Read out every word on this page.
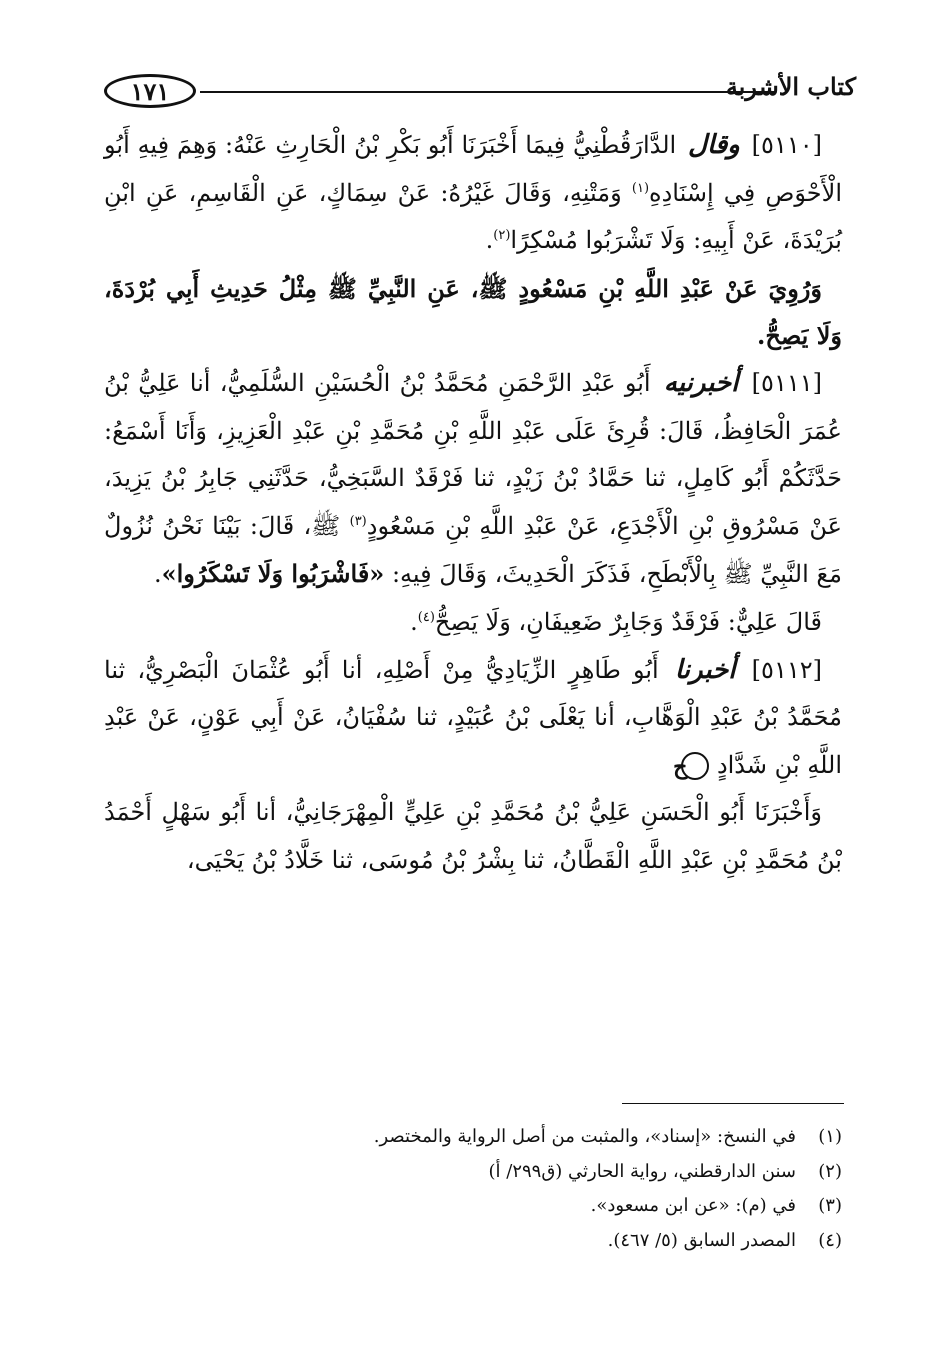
١٧١	كتاب الأشربة

[٥١١٠] وقال الدَّارَقُطْنِيُّ فِيمَا أَخْبَرَنَا أَبُو بَكْرِ بْنُ الْحَارِثِ عَنْهُ: وَهِمَ فِيهِ أَبُو الْأَحْوَصِ فِي إِسْنَادِهِ$^{(١)}$ وَمَتْنِهِ، وَقَالَ غَيْرُهُ: عَنْ سِمَاكٍ، عَنِ الْقَاسِمِ، عَنِ ابْنِ بُرَيْدَةَ، عَنْ أَبِيهِ: وَلَا تَشْرَبُوا مُسْكِرًا$^{(٢)}$.

وَرُوِيَ عَنْ عَبْدِ اللَّهِ بْنِ مَسْعُودٍ ﷺ، عَنِ النَّبِيِّ ﷺ مِثْلُ حَدِيثِ أَبِي بُرْدَةَ، وَلَا يَصِحُّ.

[٥١١١] أخبرنيه أَبُو عَبْدِ الرَّحْمَنِ مُحَمَّدُ بْنُ الْحُسَيْنِ السُّلَمِيُّ، أنا عَلِيُّ بْنُ عُمَرَ الْحَافِظُ، قَالَ: قُرِئَ عَلَى عَبْدِ اللَّهِ بْنِ مُحَمَّدِ بْنِ عَبْدِ الْعَزِيزِ، وَأَنَا أَسْمَعُ: حَدَّثَكُمْ أَبُو كَامِلٍ، ثنا حَمَّادُ بْنُ زَيْدٍ، ثنا فَرْقَدٌ السَّبَخِيُّ، حَدَّثَنِي جَابِرُ بْنُ يَزِيدَ، عَنْ مَسْرُوقِ بْنِ الْأَجْدَعِ، عَنْ عَبْدِ اللَّهِ بْنِ مَسْعُودٍ$^{(٣)}$ ﷺ، قَالَ: بَيْنَا نَحْنُ نُزُولٌ مَعَ النَّبِيِّ ﷺ بِالْأَبْطَحِ، فَذَكَرَ الْحَدِيثَ، وَقَالَ فِيهِ: «فَاشْرَبُوا وَلَا تَسْكَرُوا».

قَالَ عَلِيٌّ: فَرْقَدٌ وَجَابِرٌ ضَعِيفَانِ، وَلَا يَصِحُّ$^{(٤)}$.

[٥١١٢] أخبرنا أَبُو طَاهِرٍ الزِّيَادِيُّ مِنْ أَصْلِهِ، أنا أَبُو عُثْمَانَ الْبَصْرِيُّ، ثنا مُحَمَّدُ بْنُ عَبْدِ الْوَهَّابِ، أنا يَعْلَى بْنُ عُبَيْدٍ، ثنا سُفْيَانُ، عَنْ أَبِي عَوْنٍ، عَنْ عَبْدِ اللَّهِ بْنِ شَدَّادٍ ح

وَأَخْبَرَنَا أَبُو الْحَسَنِ عَلِيُّ بْنُ مُحَمَّدِ بْنِ عَلِيٍّ الْمِهْرَجَانِيُّ، أنا أَبُو سَهْلٍ أَحْمَدُ بْنُ مُحَمَّدِ بْنِ عَبْدِ اللَّهِ الْقَطَّانُ، ثنا بِشْرُ بْنُ مُوسَى، ثنا خَلَّادُ بْنُ يَحْيَى،

(١)في النسخ: «إسناد»، والمثبت من أصل الرواية والمختصر.

(٢)سنن الدارقطني، رواية الحارثي (ق٢٩٩/ أ)

(٣)في (م): «عن ابن مسعود».

(٤)المصدر السابق (٥/ ٤٦٧).
